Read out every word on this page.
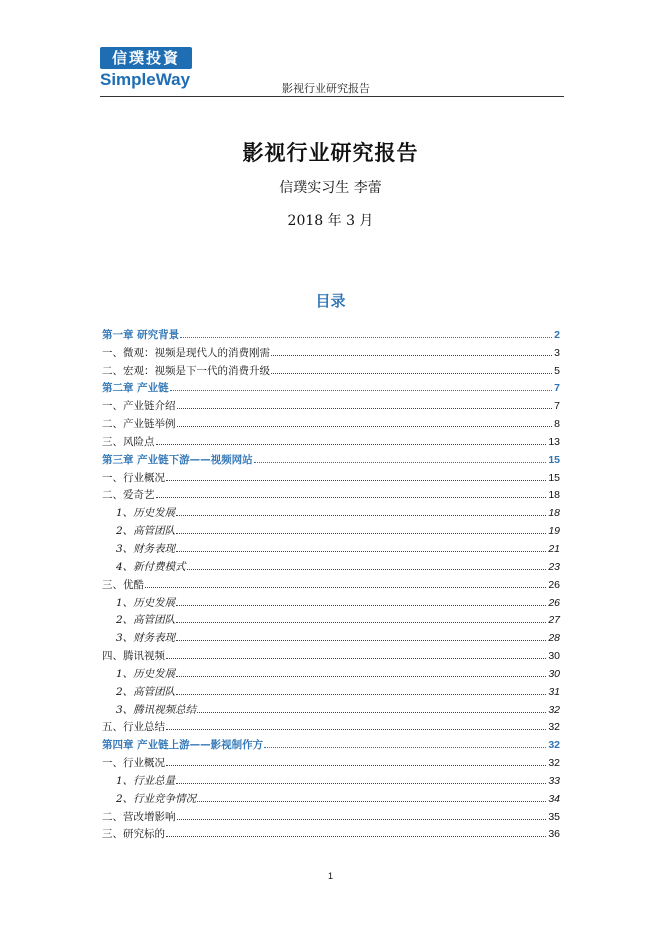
信璞投資
SimpleWay	影视行业研究报告
影视行业研究报告
信璞实习生 李蕾
2018 年 3 月
目录
第一章 研究背景	2
一、微观：视频是现代人的消费刚需	3
二、宏观：视频是下一代的消费升级	5
第二章 产业链	7
一、产业链介绍	7
二、产业链举例	8
三、风险点	13
第三章 产业链下游——视频网站	15
一、行业概况	15
二、爱奇艺	18
1、历史发展	18
2、高管团队	19
3、财务表现	21
4、新付费模式	23
三、优酷	26
1、历史发展	26
2、高管团队	27
3、财务表现	28
四、腾讯视频	30
1、历史发展	30
2、高管团队	31
3、腾讯视频总结	32
五、行业总结	32
第四章 产业链上游——影视制作方	32
一、行业概况	32
1、行业总量	33
2、行业竞争情况	34
二、营改增影响	35
三、研究标的	36
1
